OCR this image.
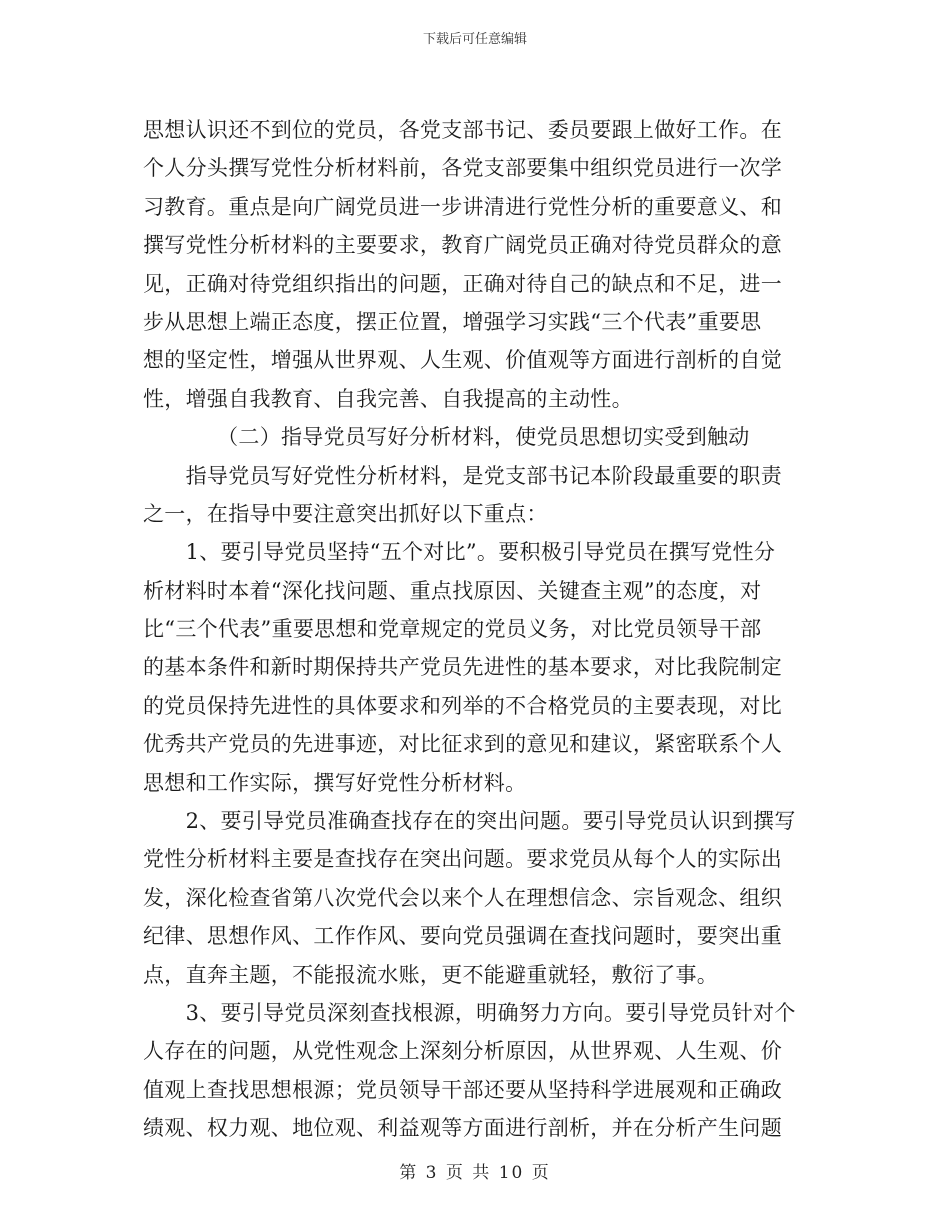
下载后可任意编辑
思想认识还不到位的党员，各党支部书记、委员要跟上做好工作。在
个人分头撰写党性分析材料前，各党支部要集中组织党员进行一次学
习教育。重点是向广阔党员进一步讲清进行党性分析的重要意义、和
撰写党性分析材料的主要要求，教育广阔党员正确对待党员群众的意
见，正确对待党组织指出的问题，正确对待自己的缺点和不足，进一
步从思想上端正态度，摆正位置，增强学习实践“三个代表”重要思
想的坚定性，增强从世界观、人生观、价值观等方面进行剖析的自觉
性，增强自我教育、自我完善、自我提高的主动性。
　　（二）指导党员写好分析材料，使党员思想切实受到触动
　　指导党员写好党性分析材料，是党支部书记本阶段最重要的职责
之一，在指导中要注意突出抓好以下重点：
　　1、要引导党员坚持“五个对比”。要积极引导党员在撰写党性分
析材料时本着“深化找问题、重点找原因、关键查主观”的态度，对
比“三个代表”重要思想和党章规定的党员义务，对比党员领导干部
的基本条件和新时期保持共产党员先进性的基本要求，对比我院制定
的党员保持先进性的具体要求和列举的不合格党员的主要表现，对比
优秀共产党员的先进事迹，对比征求到的意见和建议，紧密联系个人
思想和工作实际，撰写好党性分析材料。
　　2、要引导党员准确查找存在的突出问题。要引导党员认识到撰写
党性分析材料主要是查找存在突出问题。要求党员从每个人的实际出
发，深化检查省第八次党代会以来个人在理想信念、宗旨观念、组织
纪律、思想作风、工作作风、要向党员强调在查找问题时，要突出重
点，直奔主题，不能报流水账，更不能避重就轻，敷衍了事。
　　3、要引导党员深刻查找根源，明确努力方向。要引导党员针对个
人存在的问题，从党性观念上深刻分析原因，从世界观、人生观、价
值观上查找思想根源；党员领导干部还要从坚持科学进展观和正确政
绩观、权力观、地位观、利益观等方面进行剖析，并在分析产生问题
第 3 页 共 10 页
